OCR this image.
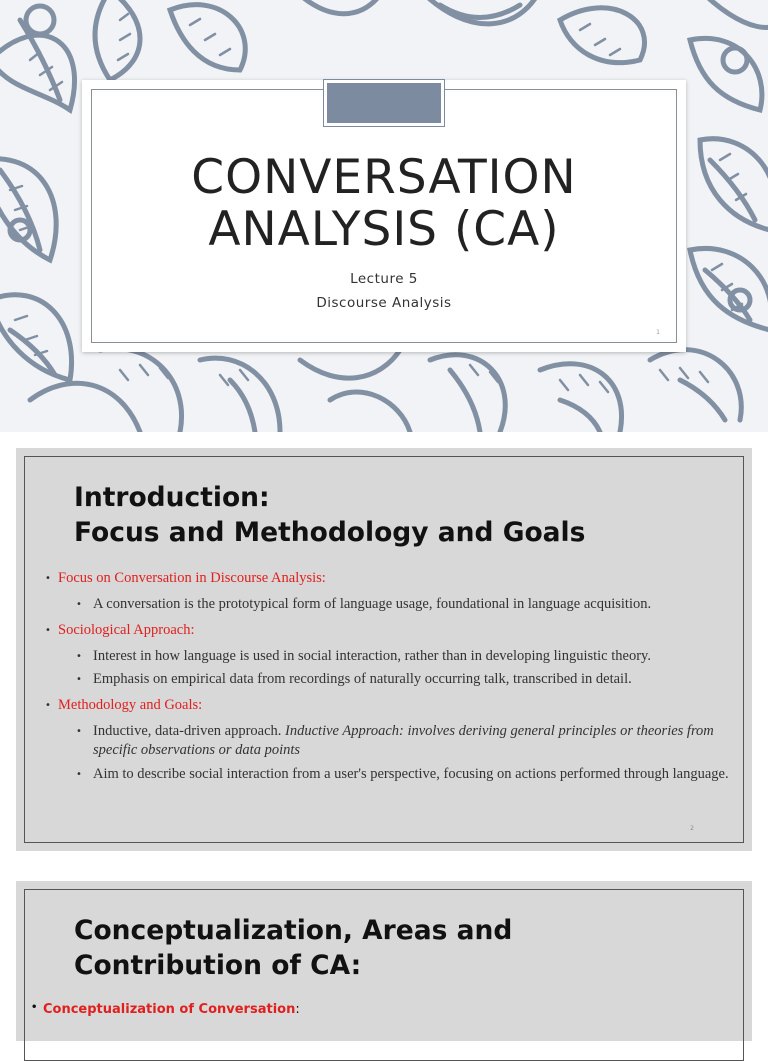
CONVERSATION
ANALYSIS (CA)
Lecture 5
Discourse Analysis
1
Introduction:
Focus and Methodology and Goals
• Focus on Conversation in Discourse Analysis:
• A conversation is the prototypical form of language usage, foundational in language acquisition.
• Sociological Approach:
• Interest in how language is used in social interaction, rather than in developing linguistic theory.
• Emphasis on empirical data from recordings of naturally occurring talk, transcribed in detail.
• Methodology and Goals:
• Inductive, data-driven approach. Inductive Approach: involves deriving general principles or theories from specific observations or data points
• Aim to describe social interaction from a user's perspective, focusing on actions performed through language.
2
Conceptualization, Areas and
Contribution of CA:
• Conceptualization of Conversation:
